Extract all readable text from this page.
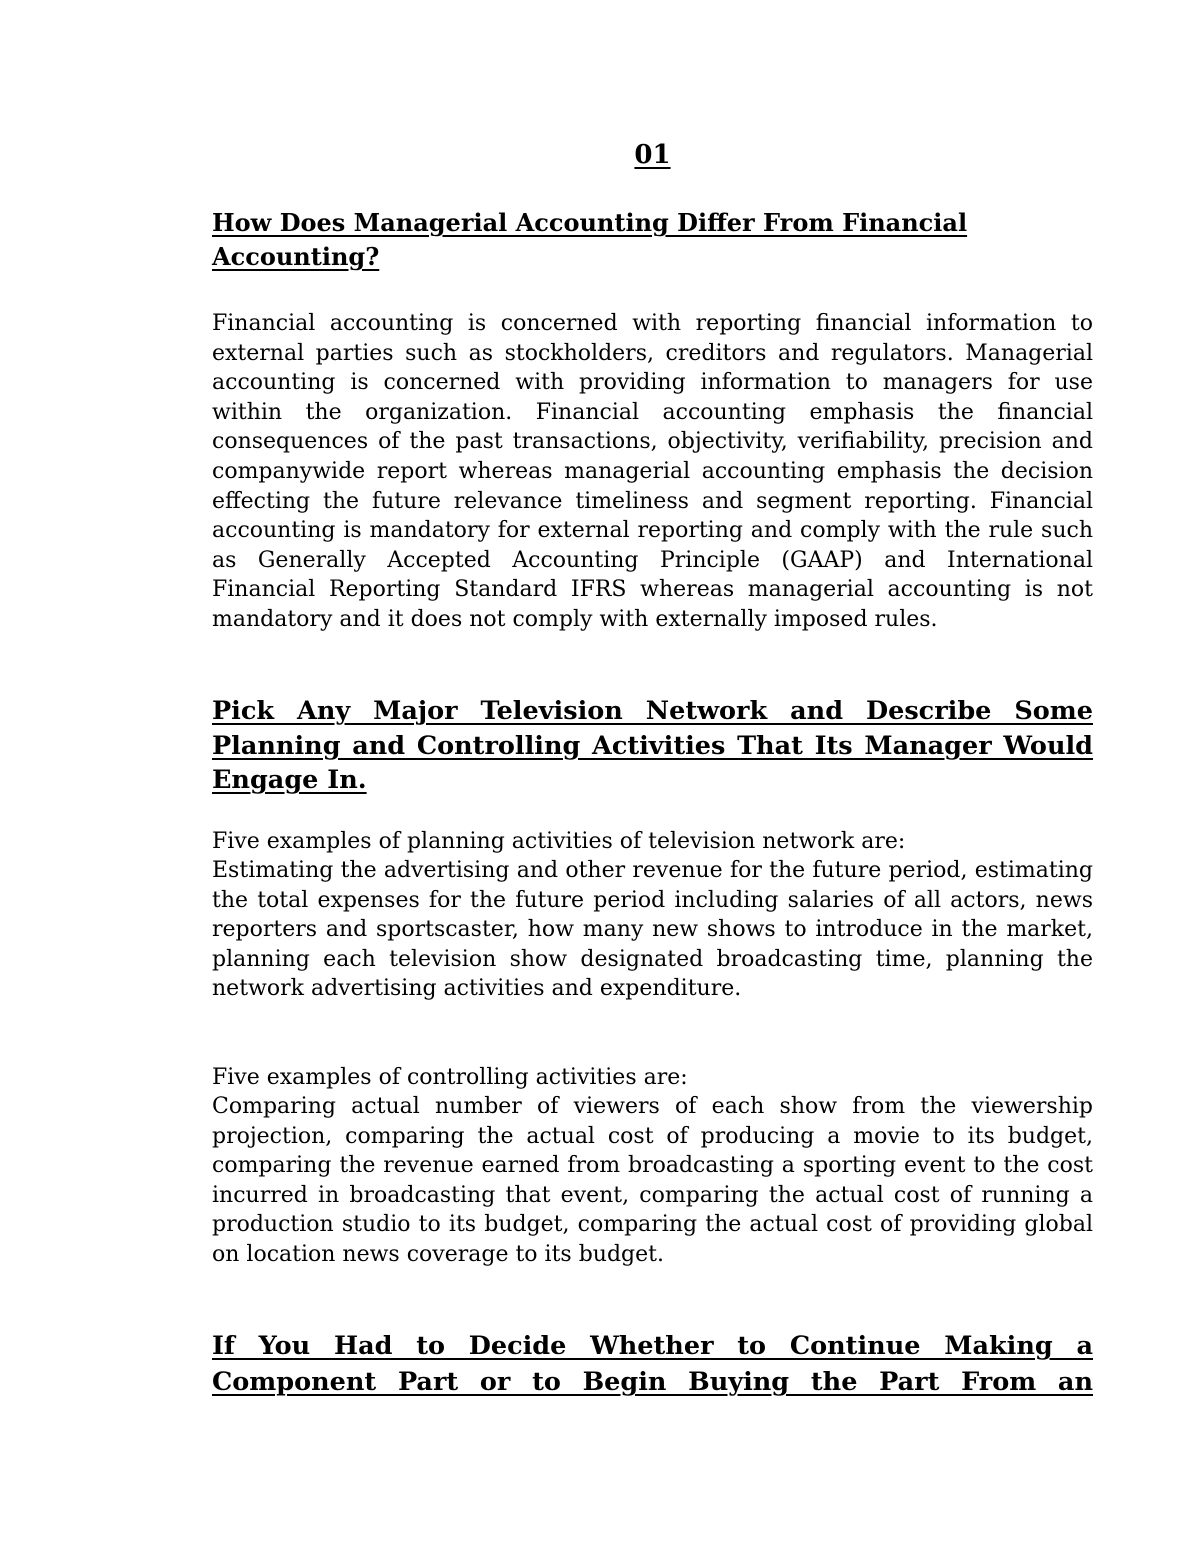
01
How Does Managerial Accounting Differ From Financial Accounting?

Financial accounting is concerned with reporting financial information to external parties such as stockholders, creditors and regulators. Managerial accounting is concerned with providing information to managers for use within the organization. Financial accounting emphasis the financial consequences of the past transactions, objectivity, verifiability, precision and companywide report whereas managerial accounting emphasis the decision effecting the future relevance timeliness and segment reporting. Financial accounting is mandatory for external reporting and comply with the rule such as Generally Accepted Accounting Principle (GAAP) and International Financial Reporting Standard IFRS whereas managerial accounting is not mandatory and it does not comply with externally imposed rules.

Pick Any Major Television Network and Describe Some Planning and Controlling Activities That Its Manager Would Engage In.

Five examples of planning activities of television network are:

Estimating the advertising and other revenue for the future period, estimating the total expenses for the future period including salaries of all actors, news reporters and sportscaster, how many new shows to introduce in the market, planning each television show designated broadcasting time, planning the network advertising activities and expenditure.

Five examples of controlling activities are:

Comparing actual number of viewers of each show from the viewership projection, comparing the actual cost of producing a movie to its budget, comparing the revenue earned from broadcasting a sporting event to the cost incurred in broadcasting that event, comparing the actual cost of running a production studio to its budget, comparing the actual cost of providing global on location news coverage to its budget.

If You Had to Decide Whether to Continue Making a Component Part or to Begin Buying the Part From an
